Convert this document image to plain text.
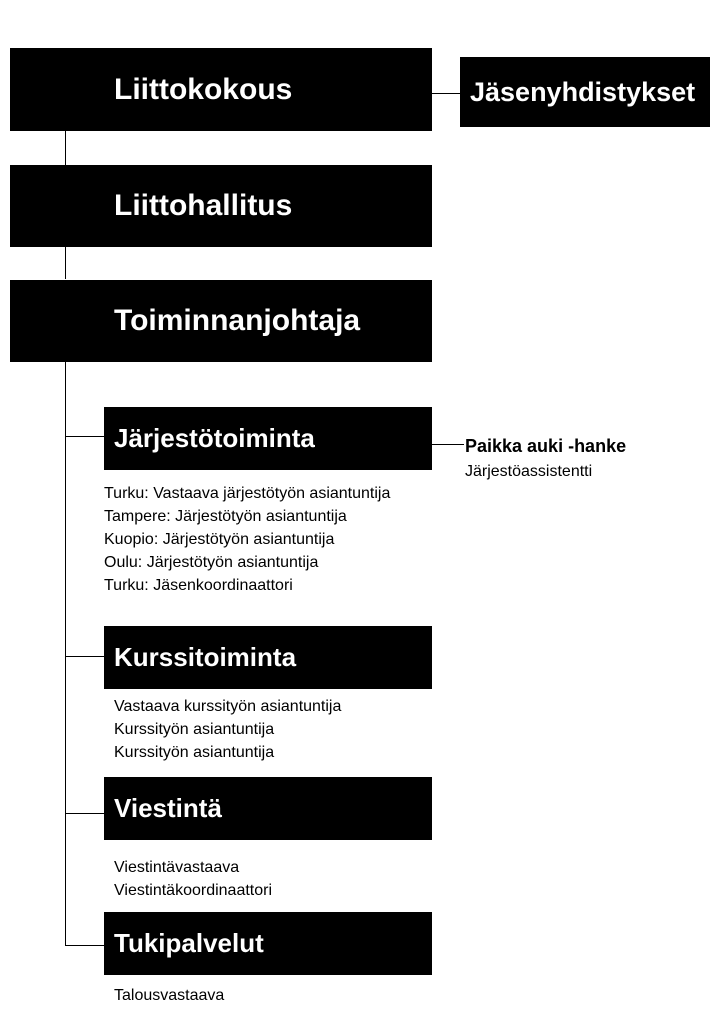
Liittokokous	Jäsenyhdistykset
Liittohallitus
Toiminnanjohtaja
Järjestötoiminta
Turku: Vastaava järjestötyön asiantuntija
Tampere: Järjestötyön asiantuntija
Kuopio: Järjestötyön asiantuntija
Oulu: Järjestötyön asiantuntija
Turku: Jäsenkoordinaattori
Paikka auki -hanke
Järjestöassistentti
Kurssitoiminta
Vastaava kurssityön asiantuntija
Kurssityön asiantuntija
Kurssityön asiantuntija
Viestintä
Viestintävastaava
Viestintäkoordinaattori
Tukipalvelut
Talousvastaava
